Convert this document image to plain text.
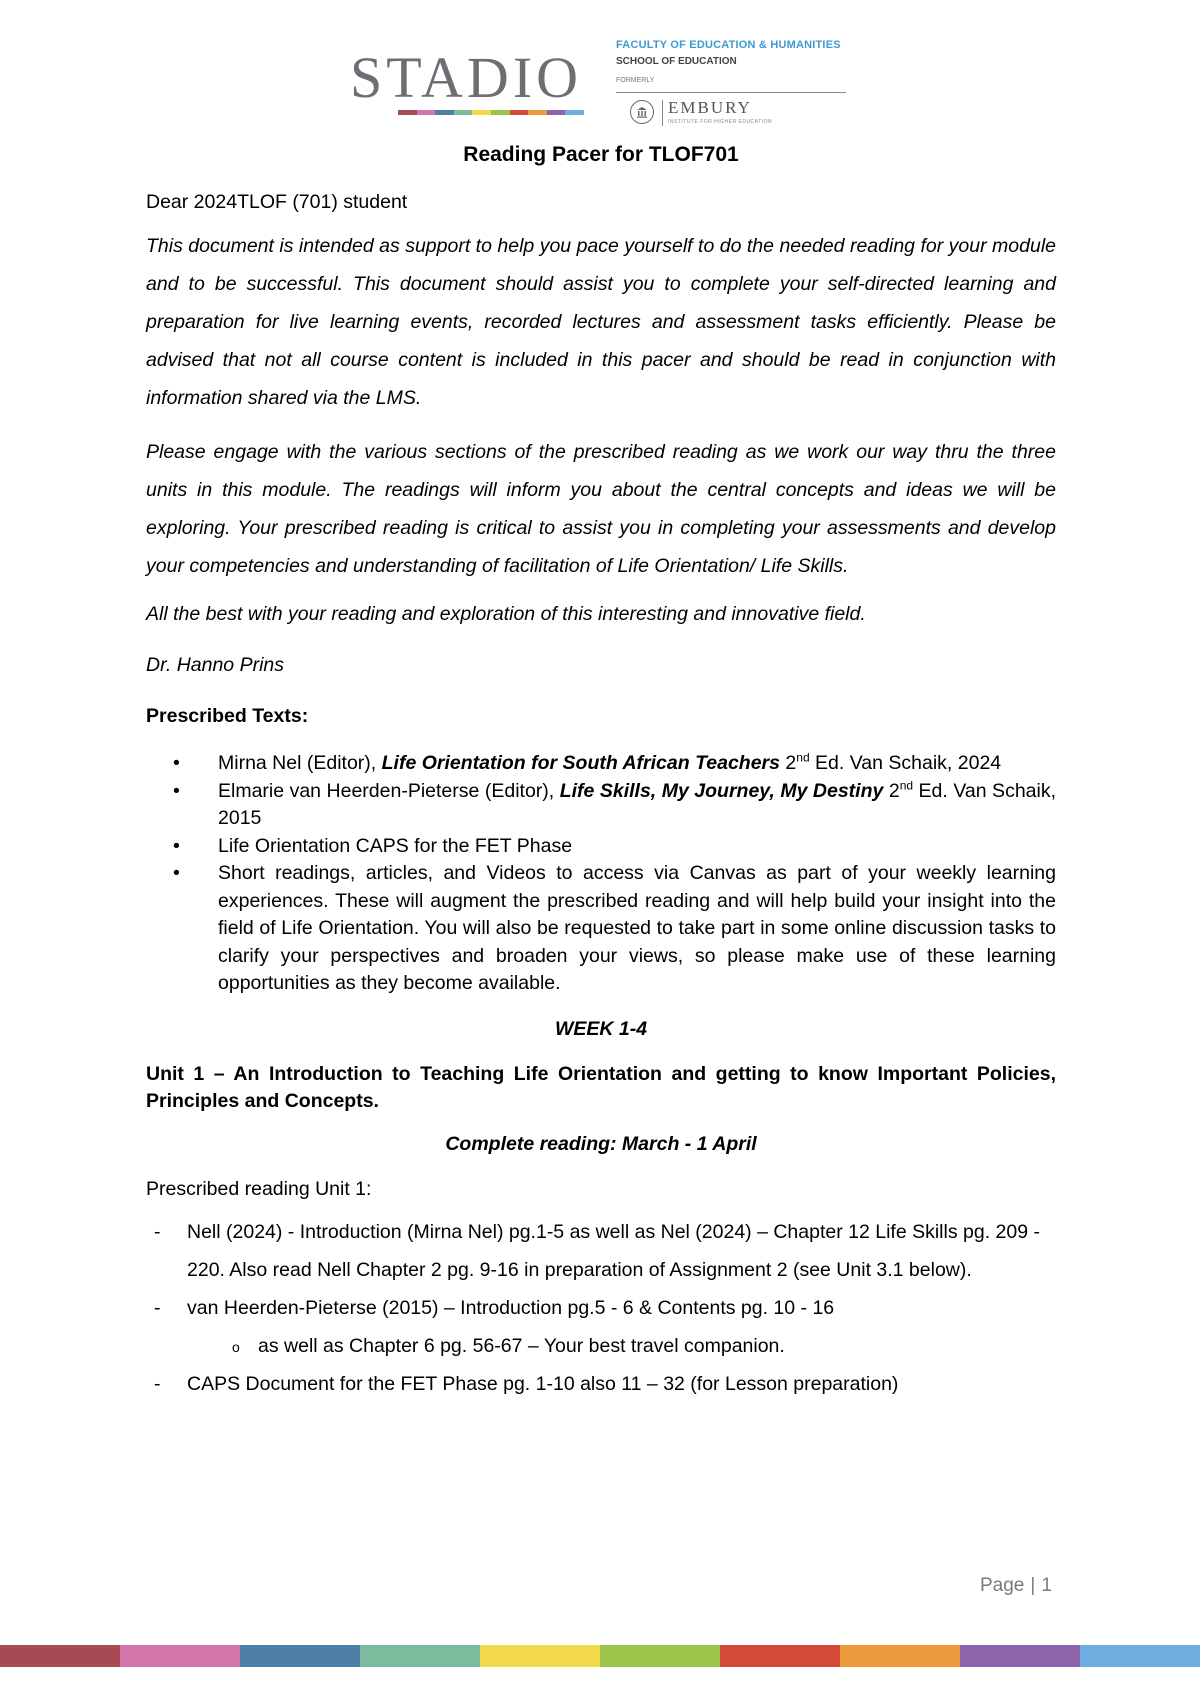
STADIO	FACULTY OF EDUCATION & HUMANITIES
SCHOOL OF EDUCATION
FORMERLY
EMBURY
INSTITUTE FOR HIGHER EDUCATION
Reading Pacer for TLOF701
Dear 2024TLOF (701) student
This document is intended as support to help you pace yourself to do the needed reading for your module and to be successful. This document should assist you to complete your self-directed learning and preparation for live learning events, recorded lectures and assessment tasks efficiently. Please be advised that not all course content is included in this pacer and should be read in conjunction with information shared via the LMS.
Please engage with the various sections of the prescribed reading as we work our way thru the three units in this module. The readings will inform you about the central concepts and ideas we will be exploring. Your prescribed reading is critical to assist you in completing your assessments and develop your competencies and understanding of facilitation of Life Orientation/ Life Skills.
All the best with your reading and exploration of this interesting and innovative field.
Dr. Hanno Prins
Prescribed Texts:
• Mirna Nel (Editor), Life Orientation for South African Teachers 2nd Ed. Van Schaik, 2024
• Elmarie van Heerden-Pieterse (Editor), Life Skills, My Journey, My Destiny 2nd Ed. Van Schaik, 2015
• Life Orientation CAPS for the FET Phase
• Short readings, articles, and Videos to access via Canvas as part of your weekly learning experiences. These will augment the prescribed reading and will help build your insight into the field of Life Orientation. You will also be requested to take part in some online discussion tasks to clarify your perspectives and broaden your views, so please make use of these learning opportunities as they become available.
WEEK 1-4
Unit 1 – An Introduction to Teaching Life Orientation and getting to know Important Policies, Principles and Concepts.
Complete reading: March - 1 April
Prescribed reading Unit 1:
- Nell (2024) - Introduction (Mirna Nel) pg.1-5 as well as Nel (2024) – Chapter 12 Life Skills pg. 209 - 220. Also read Nell Chapter 2 pg. 9-16 in preparation of Assignment 2 (see Unit 3.1 below).
- van Heerden-Pieterse (2015) – Introduction pg.5 - 6 & Contents pg. 10 - 16
o as well as Chapter 6 pg. 56-67 – Your best travel companion.
- CAPS Document for the FET Phase pg. 1-10 also 11 – 32 (for Lesson preparation)
Page | 1
